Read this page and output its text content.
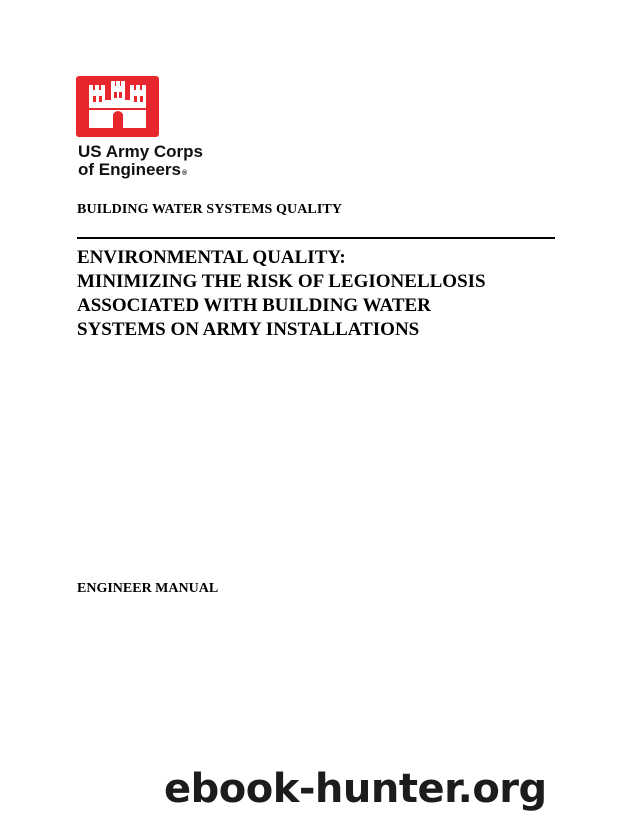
US Army Corps
of Engineers®
BUILDING WATER SYSTEMS QUALITY
ENVIRONMENTAL QUALITY:
MINIMIZING THE RISK OF LEGIONELLOSIS
ASSOCIATED WITH BUILDING WATER
SYSTEMS ON ARMY INSTALLATIONS
ENGINEER MANUAL
ebook-hunter.org
